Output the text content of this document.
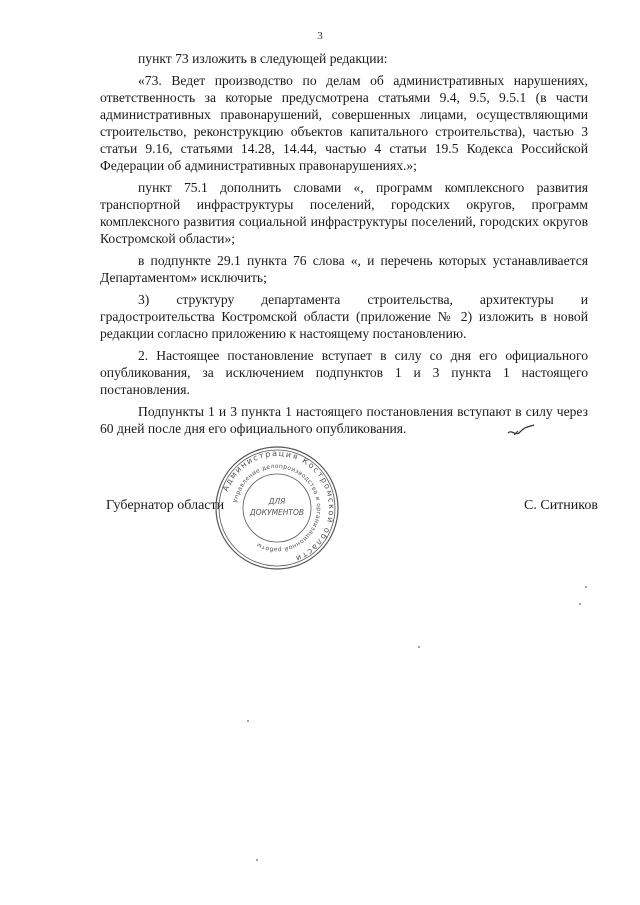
3

пункт 73 изложить в следующей редакции:

«73. Ведет производство по делам об административных нарушениях, ответственность за которые предусмотрена статьями 9.4, 9.5, 9.5.1 (в части административных правонарушений, совершенных лицами, осуществляющими строительство, реконструкцию объектов капитального строительства), частью 3 статьи 9.16, статьями 14.28, 14.44, частью 4 статьи 19.5 Кодекса Российской Федерации об административных правонарушениях.»;

пункт 75.1 дополнить словами «, программ комплексного развития транспортной инфраструктуры поселений, городских округов, программ комплексного развития социальной инфраструктуры поселений, городских округов Костромской области»;

в подпункте 29.1 пункта 76 слова «, и перечень которых устанавливается Департаментом» исключить;

3) структуру департамента строительства, архитектуры и градостроительства Костромской области (приложение № 2) изложить в новой редакции согласно приложению к настоящему постановлению.

2. Настоящее постановление вступает в силу со дня его официального опубликования, за исключением подпунктов 1 и 3 пункта 1 настоящего постановления.

Подпункты 1 и 3 пункта 1 настоящего постановления вступают в силу через 60 дней после дня его официального опубликования.

Губернатор области	С. Ситников
Администрация Костромской области
Управление делопроизводства и организационной работы
ДЛЯ
ДОКУМЕНТОВ
